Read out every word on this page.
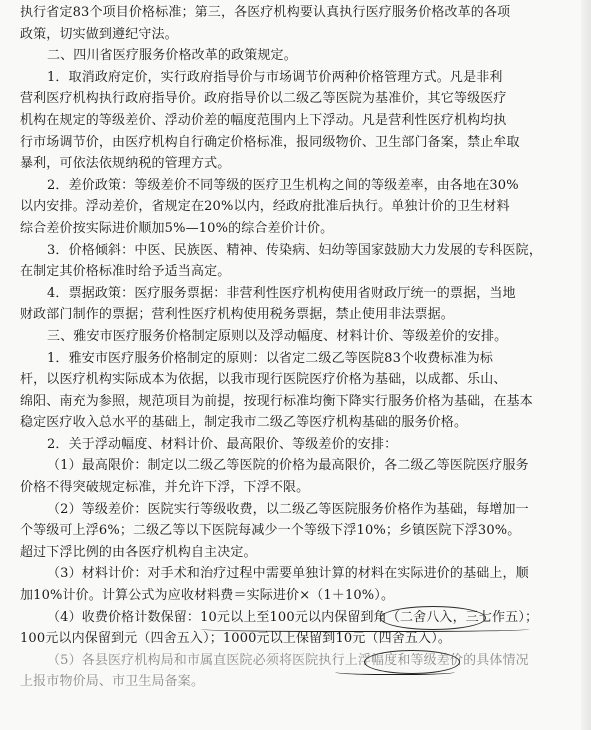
执行省定83个项目价格标准；第三，各医疗机构要认真执行医疗服务价格改革的各项
政策，切实做到遵纪守法。
二、四川省医疗服务价格改革的政策规定。
1．取消政府定价，实行政府指导价与市场调节价两种价格管理方式。凡是非利
营利医疗机构执行政府指导价。政府指导价以二级乙等医院为基准价，其它等级医疗
机构在规定的等级差价、浮动价差的幅度范围内上下浮动。凡是营利性医疗机构均执
行市场调节价，由医疗机构自行确定价格标准，报同级物价、卫生部门备案，禁止牟取
暴利，可依法依规纳税的管理方式。
2．差价政策：等级差价不同等级的医疗卫生机构之间的等级差率，由各地在30%
以内安排。浮动差价，省规定在20%以内，经政府批准后执行。单独计价的卫生材料
综合差价按实际进价顺加5%—10%的综合差价计价。
3．价格倾斜：中医、民族医、精神、传染病、妇幼等国家鼓励大力发展的专科医院，
在制定其价格标准时给予适当高定。
4．票据政策：医疗服务票据：非营利性医疗机构使用省财政厅统一的票据，当地
财政部门制作的票据；营利性医疗机构使用税务票据，禁止使用非法票据。
三、雅安市医疗服务价格制定原则以及浮动幅度、材料计价、等级差价的安排。
1．雅安市医疗服务价格制定的原则：以省定二级乙等医院83个收费标准为标
杆，以医疗机构实际成本为依据，以我市现行医院医疗价格为基础，以成都、乐山、
绵阳、南充为参照，规范项目为前提，按现行标准均衡下降实行服务价格为基础，在基本
稳定医疗收入总水平的基础上，制定我市二级乙等医疗机构基础的服务价格。
2．关于浮动幅度、材料计价、最高限价、等级差价的安排：
（1）最高限价：制定以二级乙等医院的价格为最高限价，各二级乙等医院医疗服务
价格不得突破规定标准，并允许下浮，下浮不限。
（2）等级差价：医院实行等级收费，以二级乙等医院服务价格作为基础，每增加一
个等级可上浮6%；二级乙等以下医院每减少一个等级下浮10%；乡镇医院下浮30%。
超过下浮比例的由各医疗机构自主决定。
（3）材料计价：对手术和治疗过程中需要单独计算的材料在实际进价的基础上，顺
加10%计价。计算公式为应收材料费＝实际进价×（1＋10%）。
（4）收费价格计数保留：10元以上至100元以内保留到角（二舍八入，三七作五）；
100元以内保留到元（四舍五入）；1000元以上保留到10元（四舍五入）。
（5）各县医疗机构局和市属直医院必须将医院执行上浮幅度和等级差价的具体情况
上报市物价局、市卫生局备案。
